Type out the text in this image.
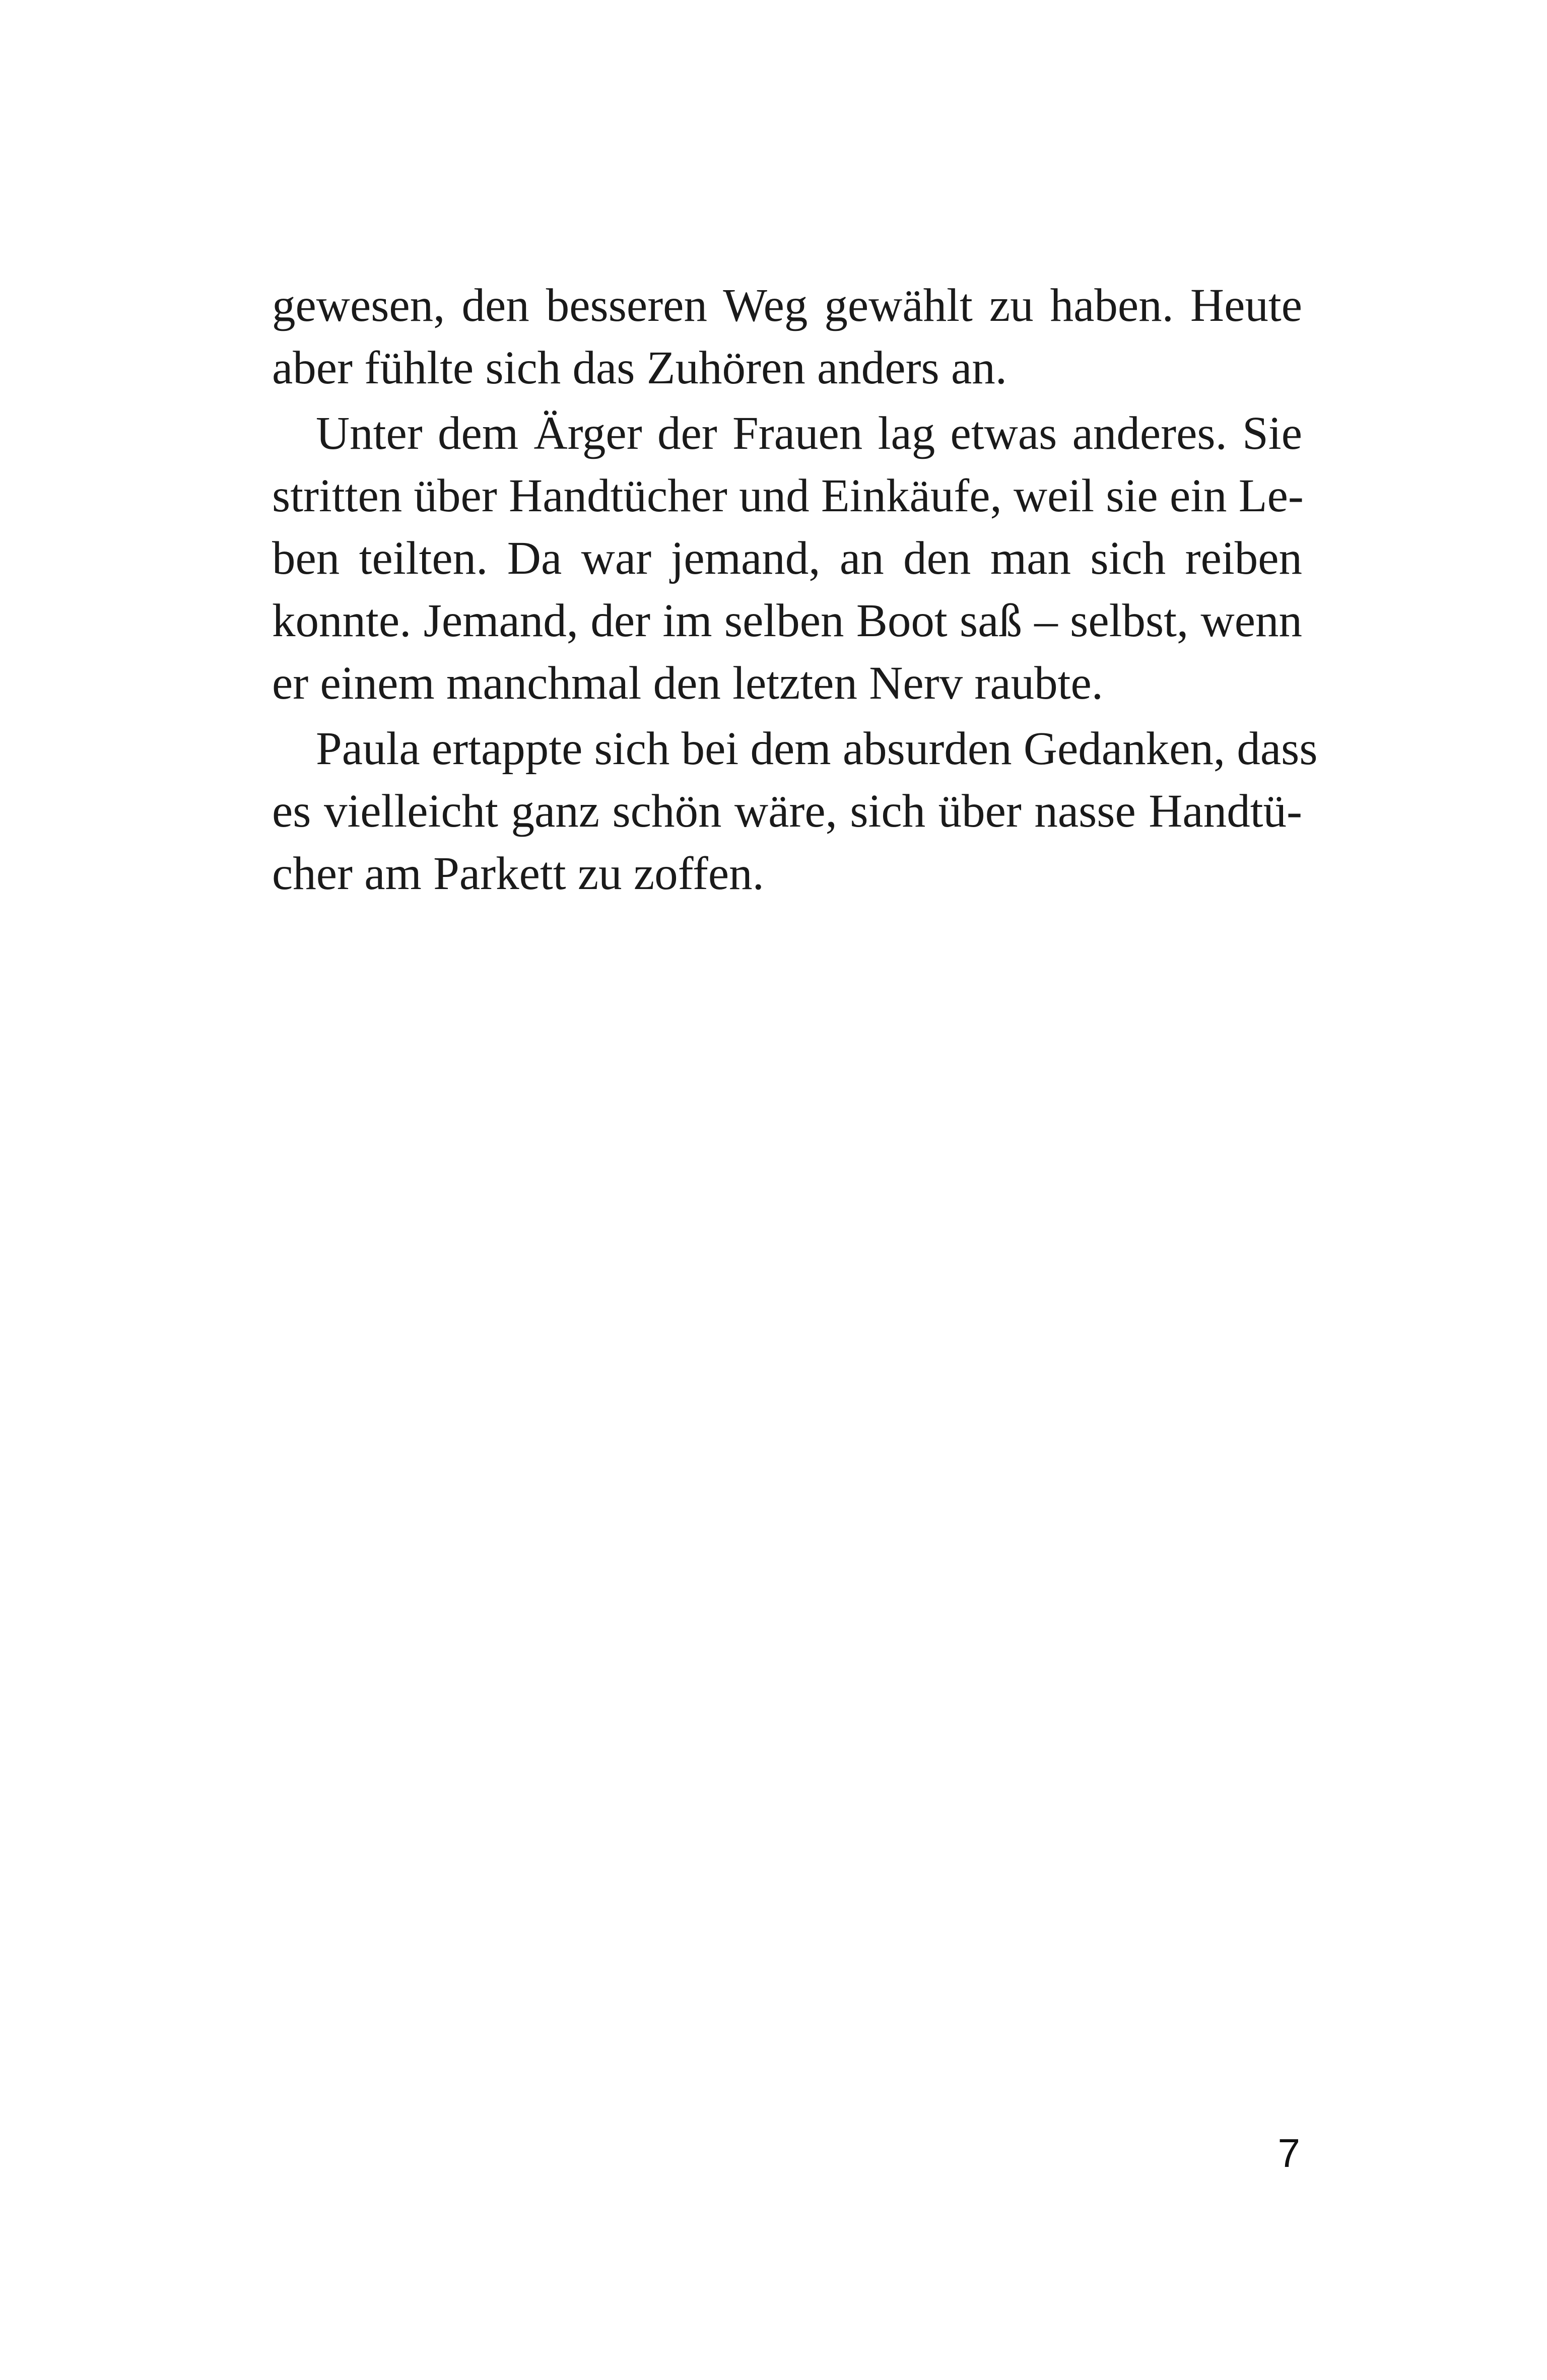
gewesen, den besseren Weg gewählt zu haben. Heute
aber fühlte sich das Zuhören anders an.
Unter dem Ärger der Frauen lag etwas anderes. Sie
stritten über Handtücher und Einkäufe, weil sie ein Le-
ben teilten. Da war jemand, an den man sich reiben
konnte. Jemand, der im selben Boot saß – selbst, wenn
er einem manchmal den letzten Nerv raubte.
Paula ertappte sich bei dem absurden Gedanken, dass
es vielleicht ganz schön wäre, sich über nasse Handtü-
cher am Parkett zu zoffen.
7
